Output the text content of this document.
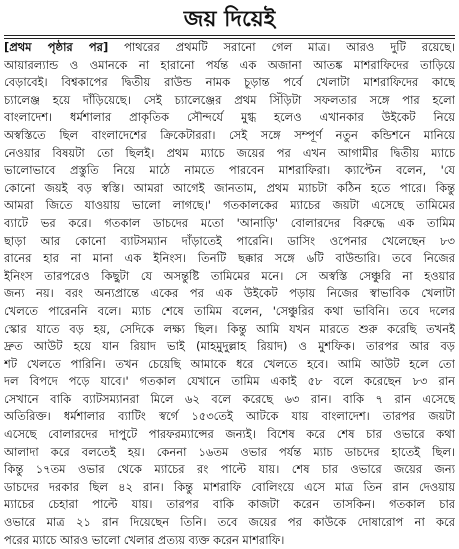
জয় দিয়েই
[প্রথম পৃষ্ঠার পর] পাথরের প্রথমটি সরানো গেল মাত্র। আরও দুটি রয়েছে।
আয়ারল্যান্ড ও ওমানকে না হারানো পর্যন্ত এক অজানা আতঙ্ক মাশরাফিদের তাড়িয়ে
বেড়াবেই। বিশ্বকাপের দ্বিতীয় রাউন্ড নামক চূড়ান্ত পর্বে খেলাটা মাশরাফিদের কাছে
চ্যালেঞ্জ হয়ে দাঁড়িয়েছে। সেই চ্যালেঞ্জের প্রথম সিঁড়িটা সফলতার সঙ্গে পার হলো
বাংলাদেশ। ধর্মশালার প্রাকৃতিক সৌন্দর্যে মুগ্ধ হলেও এখানকার উইকেট নিয়ে
অস্বস্তিতে ছিল বাংলাদেশের ক্রিকেটাররা। সেই সঙ্গে সম্পূর্ণ নতুন কন্ডিশনে মানিয়ে
নেওয়ার বিষয়টা তো ছিলই। প্রথম ম্যাচে জয়ের পর এখন আগামীর দ্বিতীয় ম্যাচে
ভালোভাবে প্রস্তুতি নিয়ে মাঠে নামতে পারবেন মাশরাফিরা। ক্যাপ্টেন বলেন, 'যে
কোনো জয়ই বড় স্বস্তি। আমরা আগেই জানতাম, প্রথম ম্যাচটা কঠিন হতে পারে। কিন্তু
আমরা জিতে যাওয়ায় ভালো লাগছে।' গতকালকের ম্যাচের জয়টা এসেছে তামিমের
ব্যাটে ভর করে। গতকাল ডাচদের মতো 'আনাড়ি' বোলারদের বিরুদ্ধে এক তামিম
ছাড়া আর কোনো ব্যাটসম্যান দাঁড়াতেই পারেনি। ডাসিং ওপেনার খেলেছেন ৮৩
রানের হার না মানা এক ইনিংস। তিনটি ছক্কার সঙ্গে ৬টি বাউন্ডারি। তবে নিজের
ইনিংস তারপরেও কিছুটা যে অসন্তুষ্টি তামিমের মনে। সে অস্বস্তি সেঞ্চুরি না হওয়ার
জন্য নয়। বরং অন্যপ্রান্তে একের পর এক উইকেট পড়ায় নিজের স্বাভাবিক খেলাটা
খেলতে পারেননি বলে। ম্যাচ শেষে তামিম বলেন, 'সেঞ্চুরির কথা ভাবিনি। তবে দলের
স্কোর যাতে বড় হয়, সেদিকে লক্ষ্য ছিল। কিন্তু আমি যখন মারতে শুরু করেছি তখনই
দ্রুত আউট হয়ে যান রিয়াদ ভাই (মাহমুদুল্লাহ রিয়াদ) ও মুশফিক। তারপর আর বড়
শট খেলতে পারিনি। তখন চেয়েছি আমাকে ধরে খেলতে হবে। আমি আউট হলে তো
দল বিপদে পড়ে যাবে।' গতকাল যেখানে তামিম একাই ৫৮ বলে করেছেন ৮৩ রান
সেখানে বাকি ব্যাটসম্যানরা মিলে ৬২ বলে করেছে ৬৩ রান। বাকি ৭ রান এসেছে
অতিরিক্ত। ধর্মশালার ব্যাটিং স্বর্গে ১৫৩তেই আটকে যায় বাংলাদেশ। তারপর জয়টা
এসেছে বোলারদের দাপুটে পারফরম্যান্সের জন্যই। বিশেষ করে শেষ চার ওভারে কথা
আলাদা করে বলতেই হয়। কেননা ১৬তম ওভার পর্যন্ত ম্যাচ ডাচদের হাতেই ছিল।
কিন্তু ১৭তম ওভার থেকে ম্যাচের রং পাল্টে যায়। শেষ চার ওভারে জয়ের জন্য
ডাচদের দরকার ছিল ৪২ রান। কিন্তু মাশরাফি বোলিংয়ে এসে মাত্র তিন রান দেওয়ায়
ম্যাচের চেহারা পাল্টে যায়। তারপর বাকি কাজটা করেন তাসকিন। গতকাল চার
ওভারে মাত্র ২১ রান দিয়েছেন তিনি। তবে জয়ের পর কাউকে দোষারোপ না করে
পরের ম্যাচে আরও ভালো খেলার প্রত্যয় ব্যক্ত করেন মাশরাফি।
